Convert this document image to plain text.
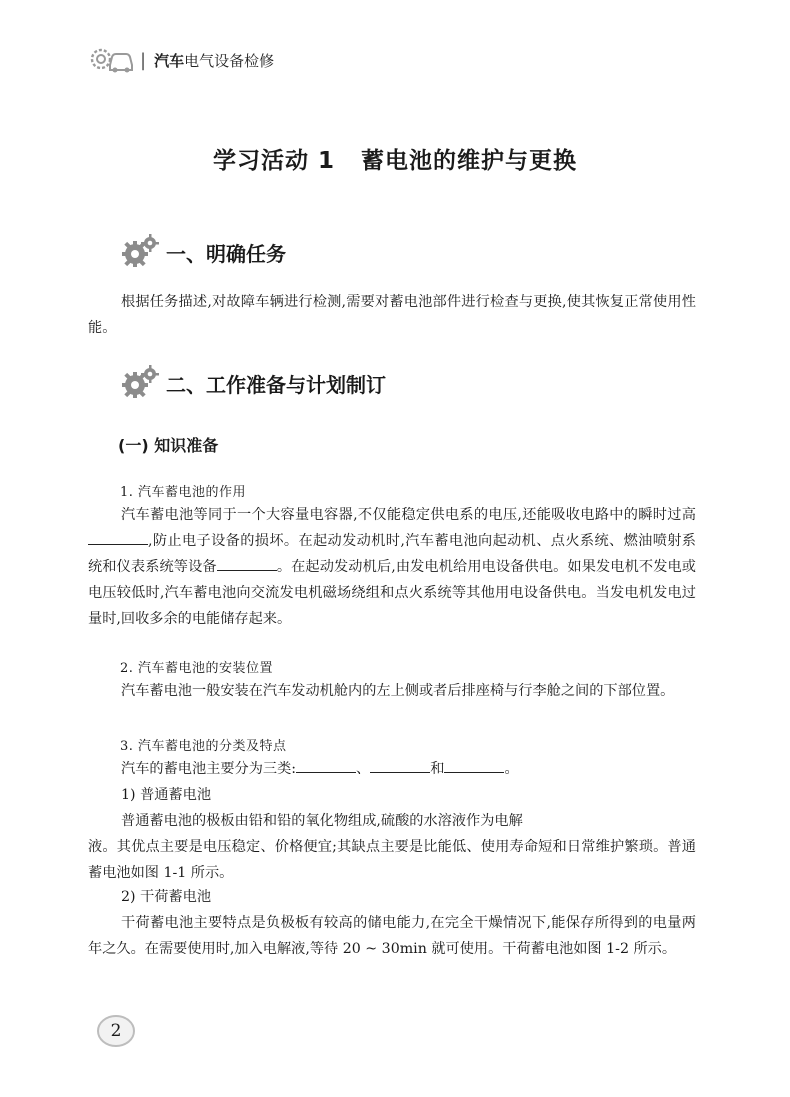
| 汽车电气设备检修
学习活动 1 蓄电池的维护与更换
一、明确任务
根据任务描述,对故障车辆进行检测,需要对蓄电池部件进行检查与更换,使其恢复正常使用性能。
二、工作准备与计划制订
(一) 知识准备
1. 汽车蓄电池的作用
汽车蓄电池等同于一个大容量电容器,不仅能稳定供电系的电压,还能吸收电路中的瞬时过高,防止电子设备的损坏。在起动发动机时,汽车蓄电池向起动机、点火系统、燃油喷射系统和仪表系统等设备	。在起动发动机后,由发电机给用电设备供电。如果发电机不发电或电压较低时,汽车蓄电池向交流发电机磁场绕组和点火系统等其他用电设备供电。当发电机发电过量时,回收多余的电能储存起来。
2. 汽车蓄电池的安装位置
汽车蓄电池一般安装在汽车发动机舱内的左上侧或者后排座椅与行李舱之间的下部位置。
3. 汽车蓄电池的分类及特点
汽车的蓄电池主要分为三类:	、	和	。
1) 普通蓄电池
普通蓄电池的极板由铅和铅的氧化物组成,硫酸的水溶液作为电解
液。其优点主要是电压稳定、价格便宜;其缺点主要是比能低、使用寿命短和日常维护繁琐。普通蓄电池如图 1-1 所示。
2) 干荷蓄电池
干荷蓄电池主要特点是负极板有较高的储电能力,在完全干燥情况下,能保存所得到的电量两年之久。在需要使用时,加入电解液,等待 20 ~ 30min 就可使用。干荷蓄电池如图 1-2 所示。
2
